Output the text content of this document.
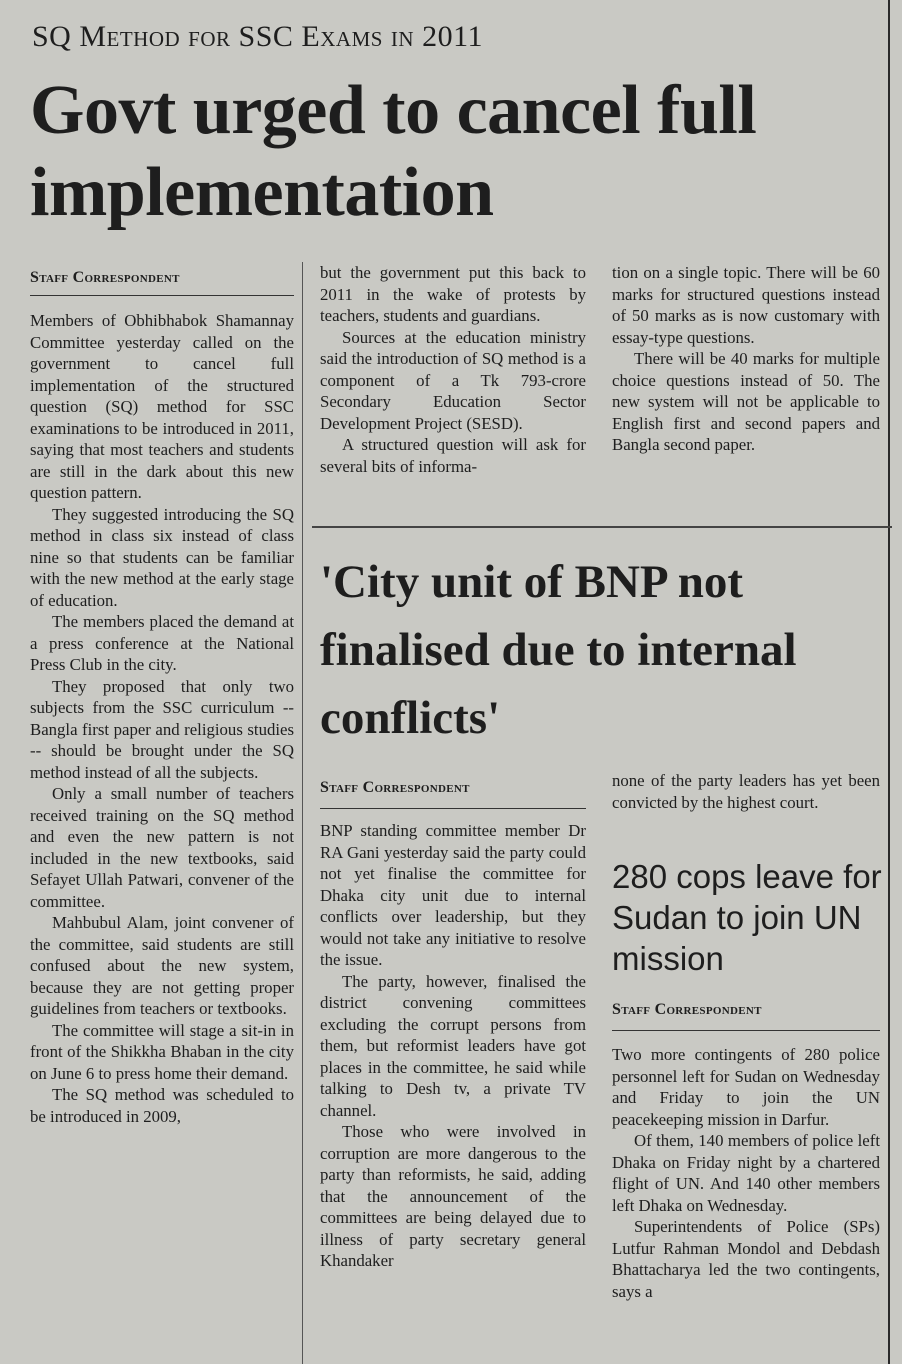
SQ Method for SSC Exams in 2011
Govt urged to cancel full implementation
Staff Correspondent

Members of Obhibhabok Shamannay Committee yesterday called on the government to cancel full implementation of the structured question (SQ) method for SSC examinations to be introduced in 2011, saying that most teachers and students are still in the dark about this new question pattern.

They suggested introducing the SQ method in class six instead of class nine so that students can be familiar with the new method at the early stage of education.

The members placed the demand at a press conference at the National Press Club in the city.

They proposed that only two subjects from the SSC curriculum -- Bangla first paper and religious studies -- should be brought under the SQ method instead of all the subjects.

Only a small number of teachers received training on the SQ method and even the new pattern is not included in the new textbooks, said Sefayet Ullah Patwari, convener of the committee.

Mahbubul Alam, joint convener of the committee, said students are still confused about the new system, because they are not getting proper guidelines from teachers or textbooks.

The committee will stage a sit-in in front of the Shikkha Bhaban in the city on June 6 to press home their demand.

The SQ method was scheduled to be introduced in 2009,

but the government put this back to 2011 in the wake of protests by teachers, students and guardians.

Sources at the education ministry said the introduction of SQ method is a component of a Tk 793-crore Secondary Education Sector Development Project (SESD).

A structured question will ask for several bits of informa-

tion on a single topic. There will be 60 marks for structured questions instead of 50 marks as is now customary with essay-type questions.

There will be 40 marks for multiple choice questions instead of 50. The new system will not be applicable to English first and second papers and Bangla second paper.

'City unit of BNP not finalised due to internal conflicts'
Staff Correspondent

BNP standing committee member Dr RA Gani yesterday said the party could not yet finalise the committee for Dhaka city unit due to internal conflicts over leadership, but they would not take any initiative to resolve the issue.

The party, however, finalised the district convening committees excluding the corrupt persons from them, but reformist leaders have got places in the committee, he said while talking to Desh tv, a private TV channel.

Those who were involved in corruption are more dangerous to the party than reformists, he said, adding that the announcement of the committees are being delayed due to illness of party secretary general Khandaker

none of the party leaders has yet been convicted by the highest court.

280 cops leave for Sudan to join UN mission
Staff Correspondent

Two more contingents of 280 police personnel left for Sudan on Wednesday and Friday to join the UN peacekeeping mission in Darfur.

Of them, 140 members of police left Dhaka on Friday night by a chartered flight of UN. And 140 other members left Dhaka on Wednesday.

Superintendents of Police (SPs) Lutfur Rahman Mondol and Debdash Bhattacharya led the two contingents, says a
